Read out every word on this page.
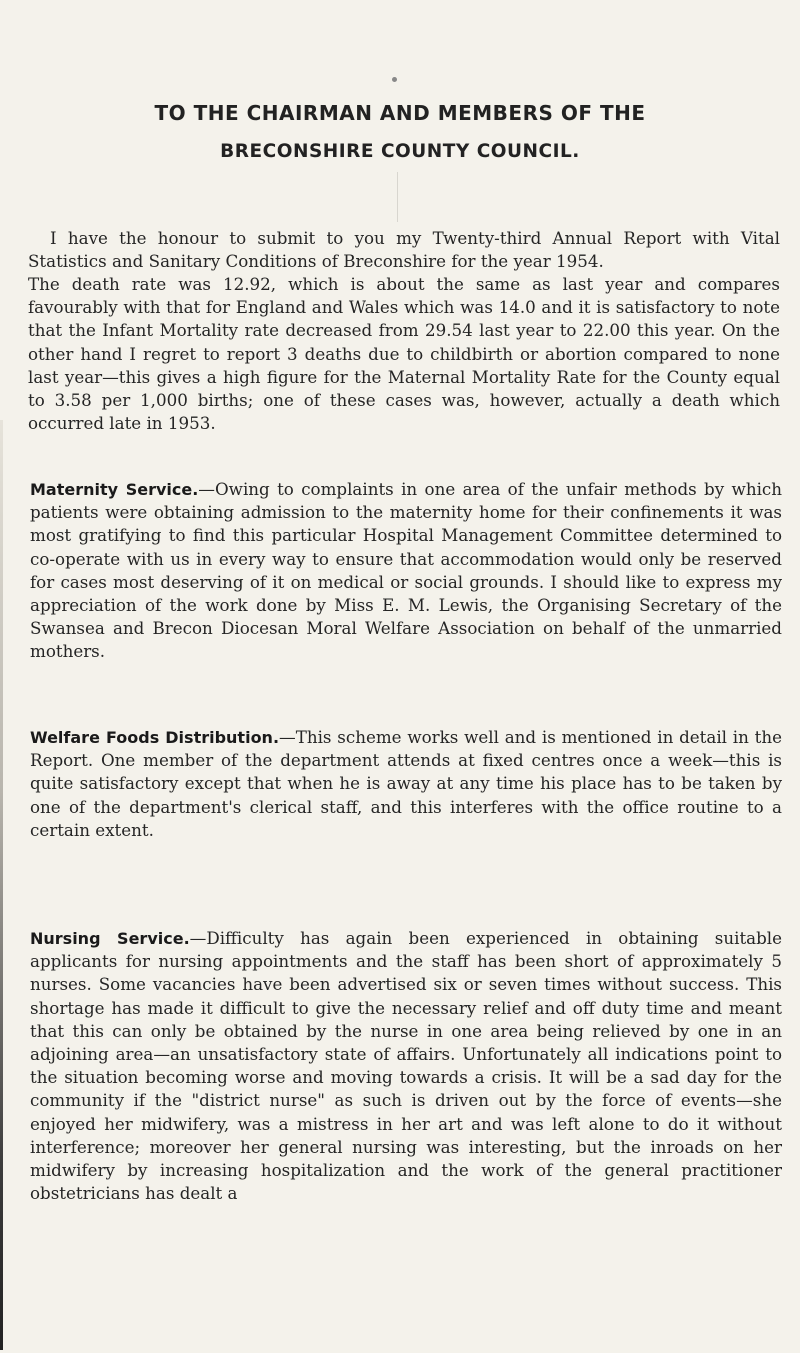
TO THE CHAIRMAN AND MEMBERS OF THE
BRECONSHIRE COUNTY COUNCIL.

I have the honour to submit to you my Twenty-third Annual Report with Vital Statistics and Sanitary Conditions of Breconshire for the year 1954.

The death rate was 12.92, which is about the same as last year and compares favourably with that for England and Wales which was 14.0 and it is satisfactory to note that the Infant Mortality rate decreased from 29.54 last year to 22.00 this year. On the other hand I regret to report 3 deaths due to childbirth or abortion compared to none last year—this gives a high figure for the Maternal Mortality Rate for the County equal to 3.58 per 1,000 births; one of these cases was, however, actually a death which occurred late in 1953.

Maternity Service.—Owing to complaints in one area of the unfair methods by which patients were obtaining admission to the maternity home for their confinements it was most gratifying to find this particular Hospital Management Committee determined to co-operate with us in every way to ensure that accommodation would only be reserved for cases most deserving of it on medical or social grounds. I should like to express my appreciation of the work done by Miss E. M. Lewis, the Organising Secretary of the Swansea and Brecon Diocesan Moral Welfare Association on behalf of the unmarried mothers.

Welfare Foods Distribution.—This scheme works well and is mentioned in detail in the Report. One member of the department attends at fixed centres once a week—this is quite satisfactory except that when he is away at any time his place has to be taken by one of the department's clerical staff, and this interferes with the office routine to a certain extent.

Nursing Service.—Difficulty has again been experienced in obtaining suitable applicants for nursing appointments and the staff has been short of approximately 5 nurses. Some vacancies have been advertised six or seven times without success. This shortage has made it difficult to give the necessary relief and off duty time and meant that this can only be obtained by the nurse in one area being relieved by one in an adjoining area—an unsatisfactory state of affairs. Unfortunately all indications point to the situation becoming worse and moving towards a crisis. It will be a sad day for the community if the "district nurse" as such is driven out by the force of events—she enjoyed her midwifery, was a mistress in her art and was left alone to do it without interference; moreover her general nursing was interesting, but the inroads on her midwifery by increasing hospitalization and the work of the general practitioner obstetricians has dealt a
